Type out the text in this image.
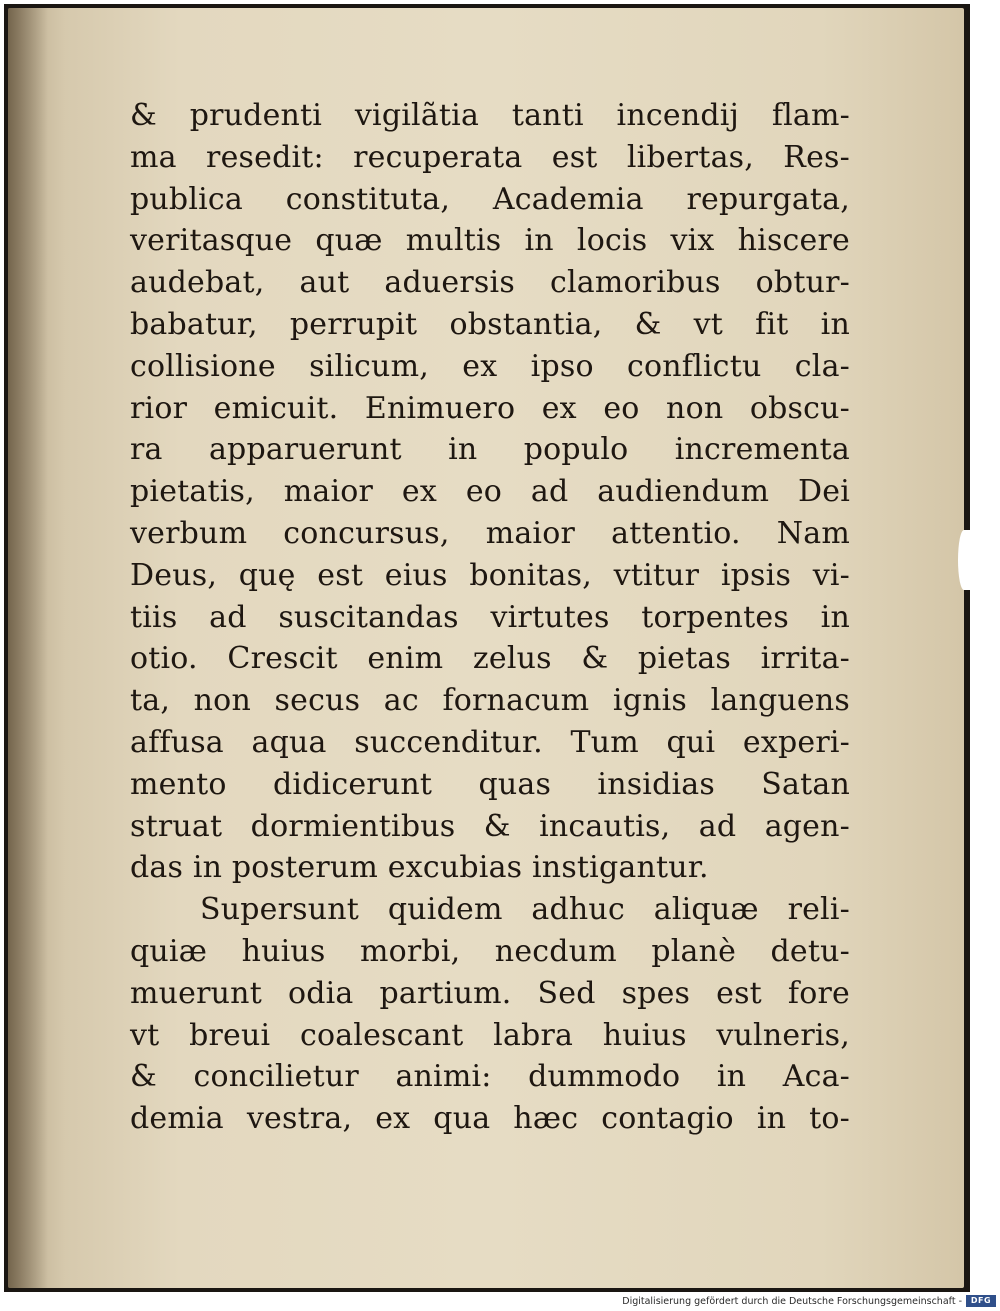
& prudenti vigilãtia tanti incendij flam-
ma resedit: recuperata est libertas, Res-
publica constituta, Academia repurgata,
veritasque quæ multis in locis vix hiscere
audebat, aut aduersis clamoribus obtur-
babatur, perrupit obstantia, & vt fit in
collisione silicum, ex ipso conflictu cla-
rior emicuit. Enimuero ex eo non obscu-
ra apparuerunt in populo incrementa
pietatis, maior ex eo ad audiendum Dei
verbum concursus, maior attentio. Nam
Deus, quę est eius bonitas, vtitur ipsis vi-
tiis ad suscitandas virtutes torpentes in
otio. Crescit enim zelus & pietas irrita-
ta, non secus ac fornacum ignis languens
affusa aqua succenditur. Tum qui experi-
mento didicerunt quas insidias Satan
struat dormientibus & incautis, ad agen-
das in posterum excubias instigantur.
Supersunt quidem adhuc aliquæ reli-
quiæ huius morbi, necdum planè detu-
muerunt odia partium. Sed spes est fore
vt breui coalescant labra huius vulneris,
& concilietur animi: dummodo in Aca-
demia vestra, ex qua hæc contagio in to-
Digitalisierung gefördert durch die Deutsche Forschungsgemeinschaft -	DFG
